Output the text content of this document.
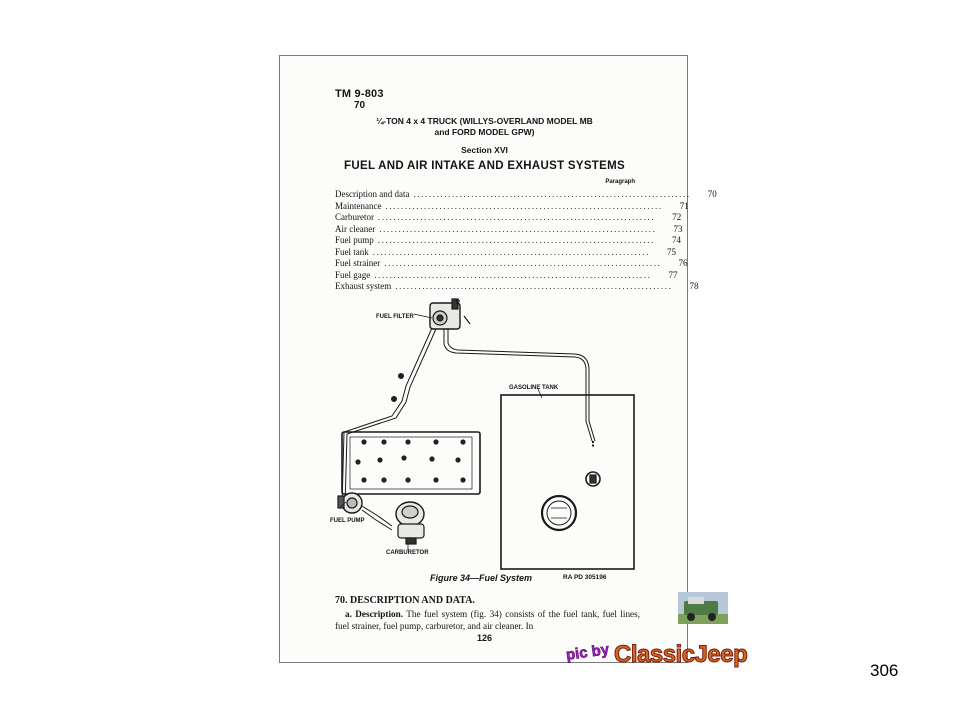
TM 9-803
70
¼-TON 4 x 4 TRUCK (WILLYS-OVERLAND MODEL MB
and FORD MODEL GPW)
Section XVI
FUEL AND AIR INTAKE AND EXHAUST SYSTEMS
Paragraph
Description and data ........................................................................	70
Maintenance ........................................................................	71
Carburetor ........................................................................	72
Air cleaner ........................................................................	73
Fuel pump ........................................................................	74
Fuel tank ........................................................................	75
Fuel strainer ........................................................................	76
Fuel gage ........................................................................	77
Exhaust system ........................................................................	78
P
FUEL FILTER
GASOLINE TANK
FUEL PUMP
CARBURETOR
Figure 34—Fuel System	RA PD 305196
70. DESCRIPTION AND DATA.
a. Description. The fuel system (fig. 34) consists of the fuel tank, fuel lines, fuel strainer, fuel pump, carburetor, and air cleaner. In
126
pic by ClassicJeep
306
